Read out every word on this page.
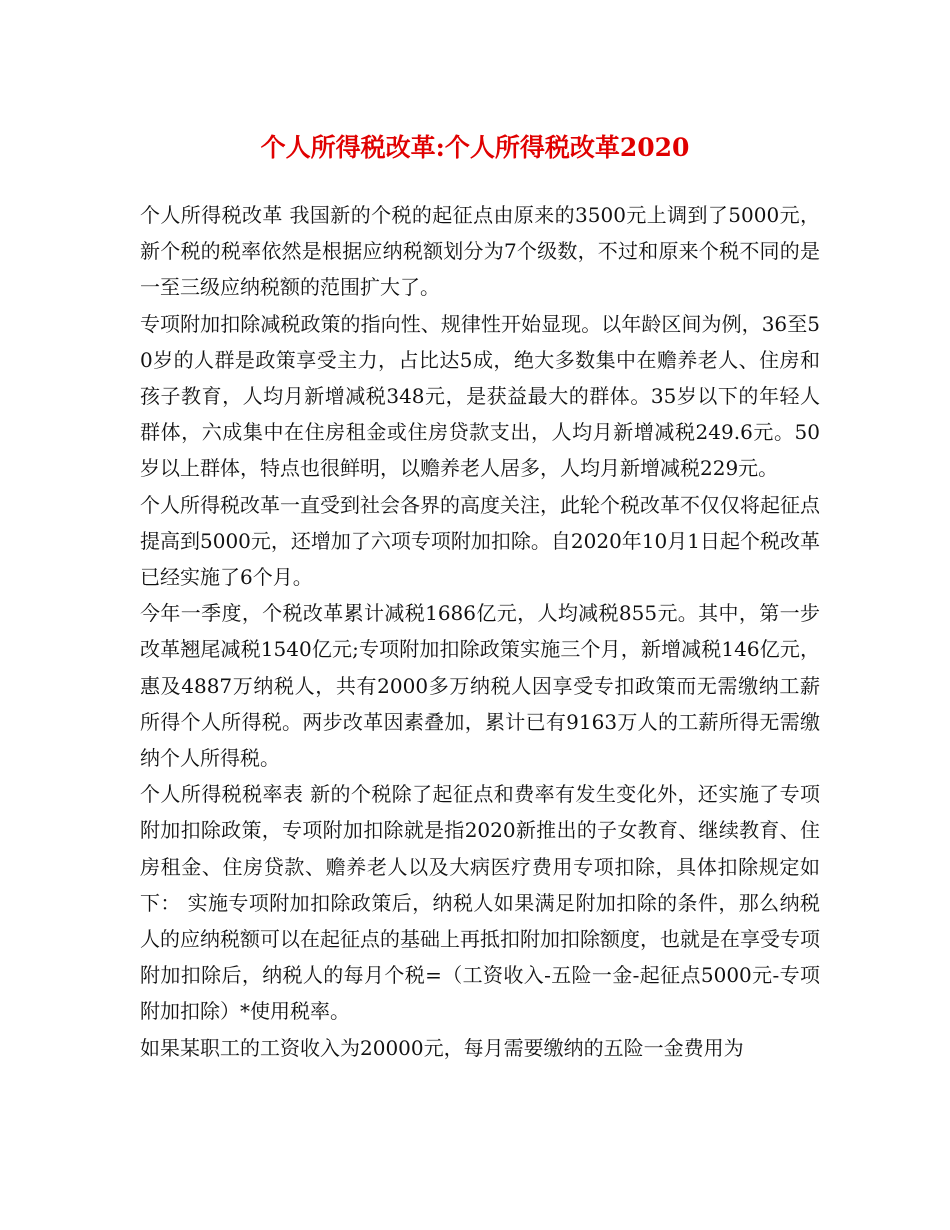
个人所得税改革:个人所得税改革2020

个人所得税改革 我国新的个税的起征点由原来的3500元上调到了5000元，新个税的税率依然是根据应纳税额划分为7个级数，不过和原来个税不同的是一至三级应纳税额的范围扩大了。

专项附加扣除减税政策的指向性、规律性开始显现。以年龄区间为例，36至50岁的人群是政策享受主力，占比达5成，绝大多数集中在赡养老人、住房和孩子教育，人均月新增减税348元，是获益最大的群体。35岁以下的年轻人群体，六成集中在住房租金或住房贷款支出，人均月新增减税249.6元。50岁以上群体，特点也很鲜明，以赡养老人居多，人均月新增减税229元。

个人所得税改革一直受到社会各界的高度关注，此轮个税改革不仅仅将起征点提高到5000元，还增加了六项专项附加扣除。自2020年10月1日起个税改革已经实施了6个月。

今年一季度，个税改革累计减税1686亿元，人均减税855元。其中，第一步改革翘尾减税1540亿元;专项附加扣除政策实施三个月，新增减税146亿元，惠及4887万纳税人，共有2000多万纳税人因享受专扣政策而无需缴纳工薪所得个人所得税。两步改革因素叠加，累计已有9163万人的工薪所得无需缴纳个人所得税。

个人所得税税率表 新的个税除了起征点和费率有发生变化外，还实施了专项附加扣除政策，专项附加扣除就是指2020新推出的子女教育、继续教育、住房租金、住房贷款、赡养老人以及大病医疗费用专项扣除，具体扣除规定如下： 实施专项附加扣除政策后，纳税人如果满足附加扣除的条件，那么纳税人的应纳税额可以在起征点的基础上再抵扣附加扣除额度，也就是在享受专项附加扣除后，纳税人的每月个税=（工资收入-五险一金-起征点5000元-专项附加扣除）*使用税率。

如果某职工的工资收入为20000元，每月需要缴纳的五险一金费用为
